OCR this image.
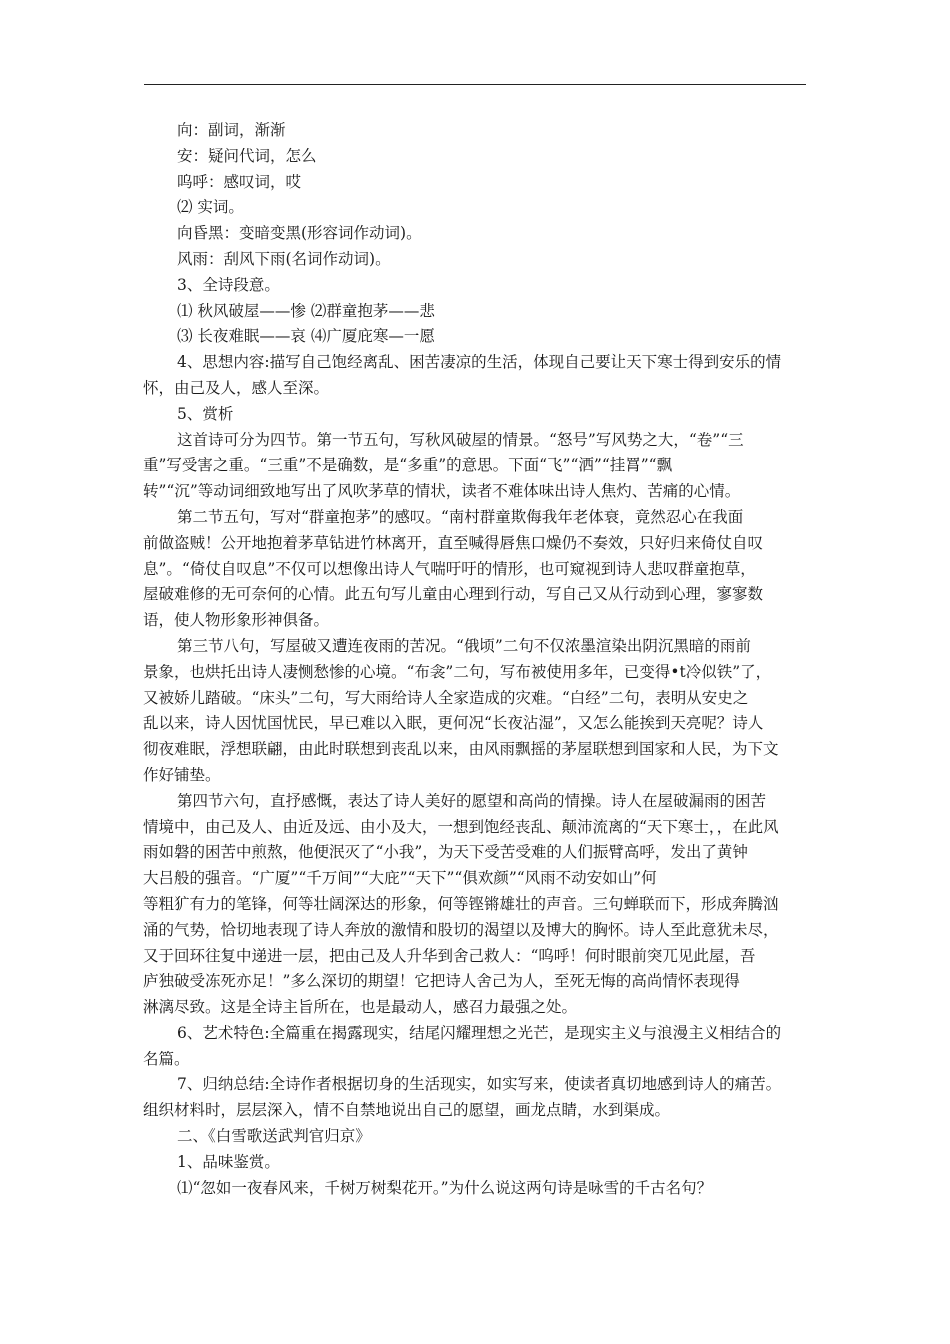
向：副词，渐渐
安：疑问代词，怎么
呜呼：感叹词，哎
⑵ 实词。
向昏黑：变暗变黑(形容词作动词)。
风雨：刮风下雨(名词作动词)。
3、全诗段意。
⑴ 秋风破屋——惨 ⑵群童抱茅——悲
⑶ 长夜难眠——哀 ⑷广厦庇寒—一愿
4、思想内容:描写自己饱经离乱、困苦凄凉的生活，体现自己要让天下寒士得到安乐的情
怀，由己及人，感人至深。
5、赏析
这首诗可分为四节。第一节五句，写秋风破屋的情景。“怒号”写风势之大，“卷”“三
重”写受害之重。“三重”不是确数，是“多重”的意思。下面“飞”“洒”“挂罥”“飘
转”“沉”等动词细致地写出了风吹茅草的情状，读者不难体味出诗人焦灼、苦痛的心情。
第二节五句，写对“群童抱茅”的感叹。“南村群童欺侮我年老体衰，竟然忍心在我面
前做盗贼！公开地抱着茅草钻进竹林离开，直至喊得唇焦口燥仍不奏效，只好归来倚仗自叹
息”。“倚仗自叹息”不仅可以想像出诗人气喘吁吁的情形，也可窥视到诗人悲叹群童抱草，
屋破难修的无可奈何的心情。此五句写儿童由心理到行动，写自己又从行动到心理，寥寥数
语，使人物形象形神俱备。
第三节八句，写屋破又遭连夜雨的苦况。“俄顷”二句不仅浓墨渲染出阴沉黑暗的雨前
景象，也烘托出诗人凄恻愁惨的心境。“布衾”二句，写布被使用多年，已变得•t冷似铁”了，
又被娇儿踏破。“床头”二句，写大雨给诗人全家造成的灾难。“白经”二句，表明从安史之
乱以来，诗人因忧国忧民，早已难以入眠，更何况“长夜沾湿”，又怎么能挨到天亮呢？诗人
彻夜难眠，浮想联翩，由此时联想到丧乱以来，由风雨飘摇的茅屋联想到国家和人民，为下文
作好铺垫。
第四节六句，直抒感慨，表达了诗人美好的愿望和高尚的情操。诗人在屋破漏雨的困苦
情境中，由己及人、由近及远、由小及大，一想到饱经丧乱、颠沛流离的“天下寒士，，在此风
雨如磐的困苦中煎熬，他便泯灭了“小我”，为天下受苦受难的人们振臂高呼，发出了黄钟
大吕般的强音。“广厦”“千万间”“大庇”“天下”“俱欢颜”“风雨不动安如山”何
等粗犷有力的笔锋，何等壮阔深达的形象，何等铿锵雄壮的声音。三句蝉联而下，形成奔腾汹
涌的气势，恰切地表现了诗人奔放的激情和股切的渴望以及博大的胸怀。诗人至此意犹未尽，
又于回环往复中递进一层，把由己及人升华到舍己救人：“呜呼！何时眼前突兀见此屋，吾
庐独破受冻死亦足！”多么深切的期望！它把诗人舍己为人，至死无悔的高尚情怀表现得
淋漓尽致。这是全诗主旨所在，也是最动人，感召力最强之处。
6、艺术特色:全篇重在揭露现实，结尾闪耀理想之光芒，是现实主义与浪漫主义相结合的
名篇。
7、归纳总结:全诗作者根据切身的生活现实，如实写来，使读者真切地感到诗人的痛苦。
组织材料时，层层深入，情不自禁地说出自己的愿望，画龙点睛，水到渠成。
二、《白雪歌送武判官归京》
1、品味鉴赏。
⑴“忽如一夜春风来，千树万树梨花开。”为什么说这两句诗是咏雪的千古名句？
